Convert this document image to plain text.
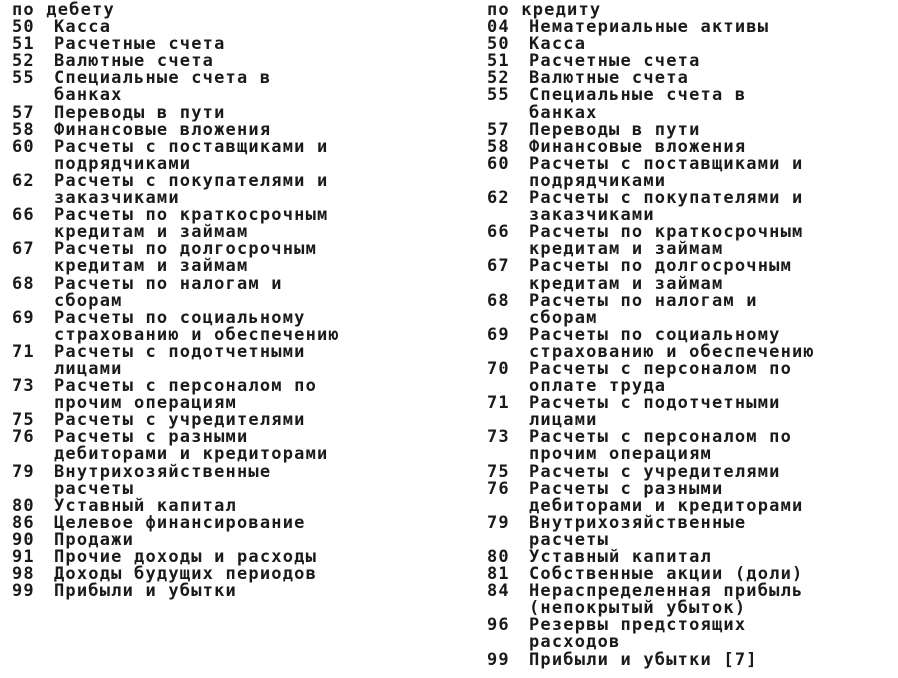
по дебету
50 Касса
51 Расчетные счета
52 Валютные счета
55 Специальные счета в
банках
57 Переводы в пути
58 Финансовые вложения
60 Расчеты с поставщиками и
подрядчиками
62 Расчеты с покупателями и
заказчиками
66 Расчеты по краткосрочным
кредитам и займам
67 Расчеты по долгосрочным
кредитам и займам
68 Расчеты по налогам и
сборам
69 Расчеты по социальному
страхованию и обеспечению
71 Расчеты с подотчетными
лицами
73 Расчеты с персоналом по
прочим операциям
75 Расчеты с учредителями
76 Расчеты с разными
дебиторами и кредиторами
79 Внутрихозяйственные
расчеты
80 Уставный капитал
86 Целевое финансирование
90 Продажи
91 Прочие доходы и расходы
98 Доходы будущих периодов
99 Прибыли и убытки
по кредиту
04 Нематериальные активы
50 Касса
51 Расчетные счета
52 Валютные счета
55 Специальные счета в
банках
57 Переводы в пути
58 Финансовые вложения
60 Расчеты с поставщиками и
подрядчиками
62 Расчеты с покупателями и
заказчиками
66 Расчеты по краткосрочным
кредитам и займам
67 Расчеты по долгосрочным
кредитам и займам
68 Расчеты по налогам и
сборам
69 Расчеты по социальному
страхованию и обеспечению
70 Расчеты с персоналом по
оплате труда
71 Расчеты с подотчетными
лицами
73 Расчеты с персоналом по
прочим операциям
75 Расчеты с учредителями
76 Расчеты с разными
дебиторами и кредиторами
79 Внутрихозяйственные
расчеты
80 Уставный капитал
81 Собственные акции (доли)
84 Нераспределенная прибыль
(непокрытый убыток)
96 Резервы предстоящих
расходов
99 Прибыли и убытки [7]
